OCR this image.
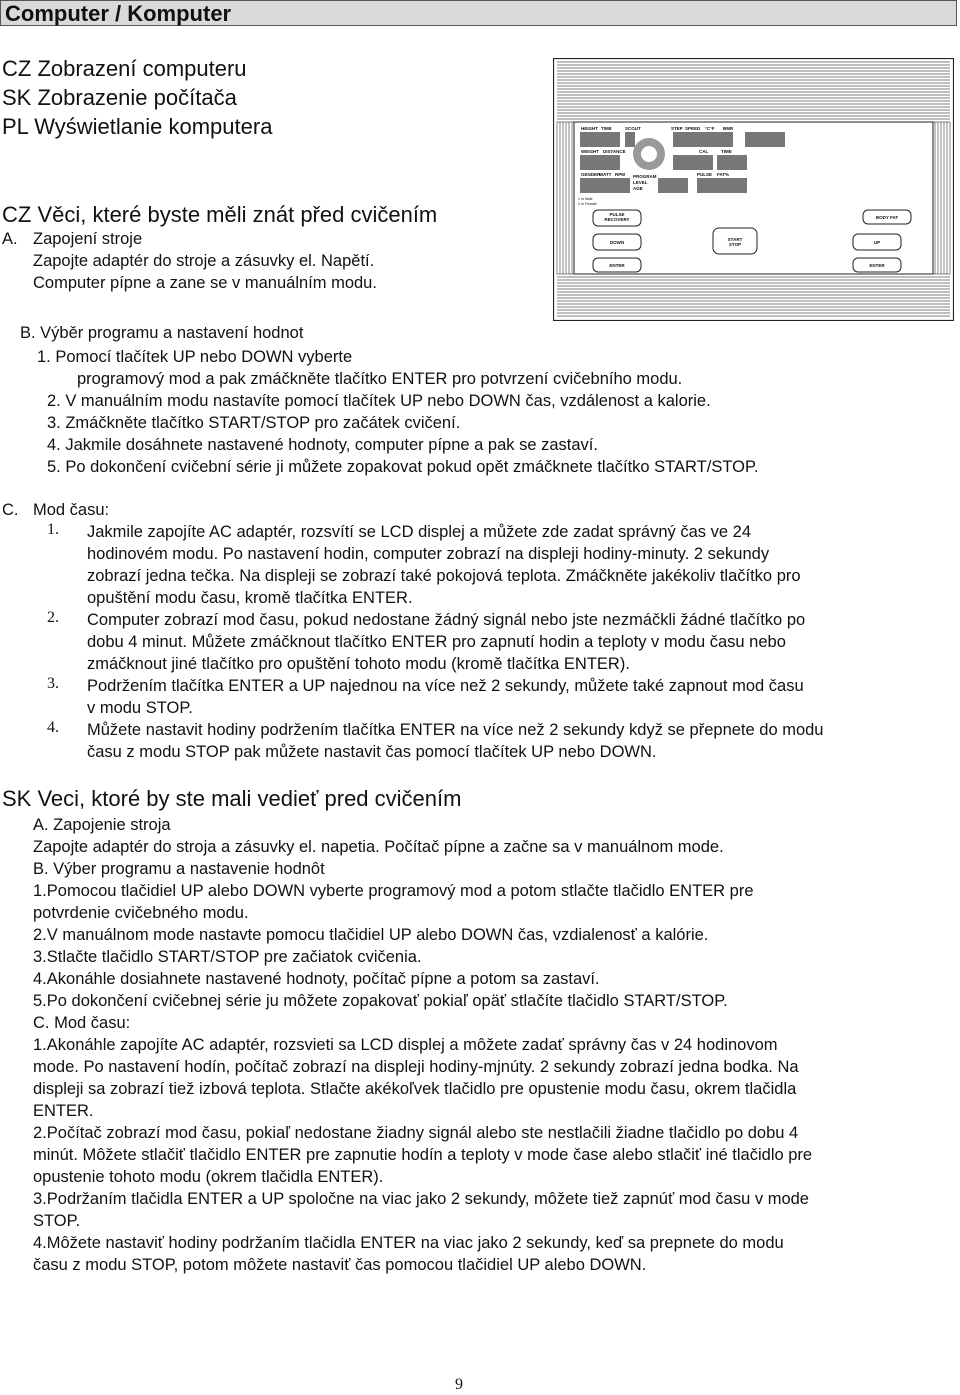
Computer / Komputer
CZ Zobrazení computeru
SK Zobrazenie počítača
PL Wyświetlanie komputera	HEIGHT TIME	SCOUT	STEP SPEED °C°F BMR
WEIGHT DISTANCE	CAL	TIME
GENDER
WATT RPM PROGRAM
LEVEL
AGE
PULSE FAT%
1 or Male
2 or Female
PULSE RECOVERY	BODY FAT
DOWN
START STOP	UP
ENTER	ENTER
CZ Věci, které byste měli znát před cvičením
A. Zapojení stroje
Zapojte adaptér do stroje a zásuvky el. Napětí.
Computer pípne a zane se v manuálním modu.
B. Výběr programu a nastavení hodnot
1. Pomocí tlačítek UP nebo DOWN vyberte
programový mod a pak zmáčkněte tlačítko ENTER pro potvrzení cvičebního modu.
2. V manuálním modu nastavíte pomocí tlačítek UP nebo DOWN čas, vzdálenost a kalorie.
3. Zmáčkněte tlačítko START/STOP pro začátek cvičení.
4. Jakmile dosáhnete nastavené hodnoty, computer pípne a pak se zastaví.
5. Po dokončení cvičební série ji můžete zopakovat pokud opět zmáčknete tlačítko START/STOP.
C. Mod času:
1. Jakmile zapojíte AC adaptér, rozsvítí se LCD displej a můžete zde zadat správný čas ve 24
hodinovém modu. Po nastavení hodin, computer zobrazí na displeji hodiny-minuty. 2 sekundy
zobrazí jedna tečka. Na displeji se zobrazí také pokojová teplota. Zmáčkněte jakékoliv tlačítko pro
opuštění modu času, kromě tlačítka ENTER.
2. Computer zobrazí mod času, pokud nedostane žádný signál nebo jste nezmáčkli žádné tlačítko po
dobu 4 minut. Můžete zmáčknout tlačítko ENTER pro zapnutí hodin a teploty v modu času nebo
zmáčknout jiné tlačítko pro opuštění tohoto modu (kromě tlačítka ENTER).
3. Podržením tlačítka ENTER a UP najednou na více než 2 sekundy, můžete také zapnout mod času
v modu STOP.
4. Můžete nastavit hodiny podržením tlačítka ENTER na více než 2 sekundy když se přepnete do modu
času z modu STOP pak můžete nastavit čas pomocí tlačítek UP nebo DOWN.
SK Veci, ktoré by ste mali vedieť pred cvičením
A. Zapojenie stroja
Zapojte adaptér do stroja a zásuvky el. napetia. Počítač pípne a začne sa v manuálnom mode.
B. Výber programu a nastavenie hodnôt
1.Pomocou tlačidiel UP alebo DOWN vyberte programový mod a potom stlačte tlačidlo ENTER pre
potvrdenie cvičebného modu.
2.V manuálnom mode nastavte pomocu tlačidiel UP alebo DOWN čas, vzdialenosť a kalórie.
3.Stlačte tlačidlo START/STOP pre začiatok cvičenia.
4.Akonáhle dosiahnete nastavené hodnoty, počítač pípne a potom sa zastaví.
5.Po dokončení cvičebnej série ju môžete zopakovať pokiaľ opäť stlačíte tlačidlo START/STOP.
C. Mod času:
1.Akonáhle zapojíte AC adaptér, rozsvieti sa LCD displej a môžete zadať správny čas v 24 hodinovom
mode. Po nastavení hodín, počítač zobrazí na displeji hodiny-mjnúty. 2 sekundy zobrazí jedna bodka. Na
displeji sa zobrazí tiež izbová teplota. Stlačte akékoľvek tlačidlo pre opustenie modu času, okrem tlačidla
ENTER.
2.Počítač zobrazí mod času, pokiaľ nedostane žiadny signál alebo ste nestlačili žiadne tlačidlo po dobu 4
minút. Môžete stlačiť tlačidlo ENTER pre zapnutie hodín a teploty v mode čase alebo stlačiť iné tlačidlo pre
opustenie tohoto modu (okrem tlačidla ENTER).
3.Podržaním tlačidla ENTER a UP spoločne na viac jako 2 sekundy, môžete tiež zapnúť mod času v mode
STOP.
4.Môžete nastaviť hodiny podržaním tlačidla ENTER na viac jako 2 sekundy, keď sa prepnete do modu
času z modu STOP, potom môžete nastaviť čas pomocou tlačidiel UP alebo DOWN.
9
